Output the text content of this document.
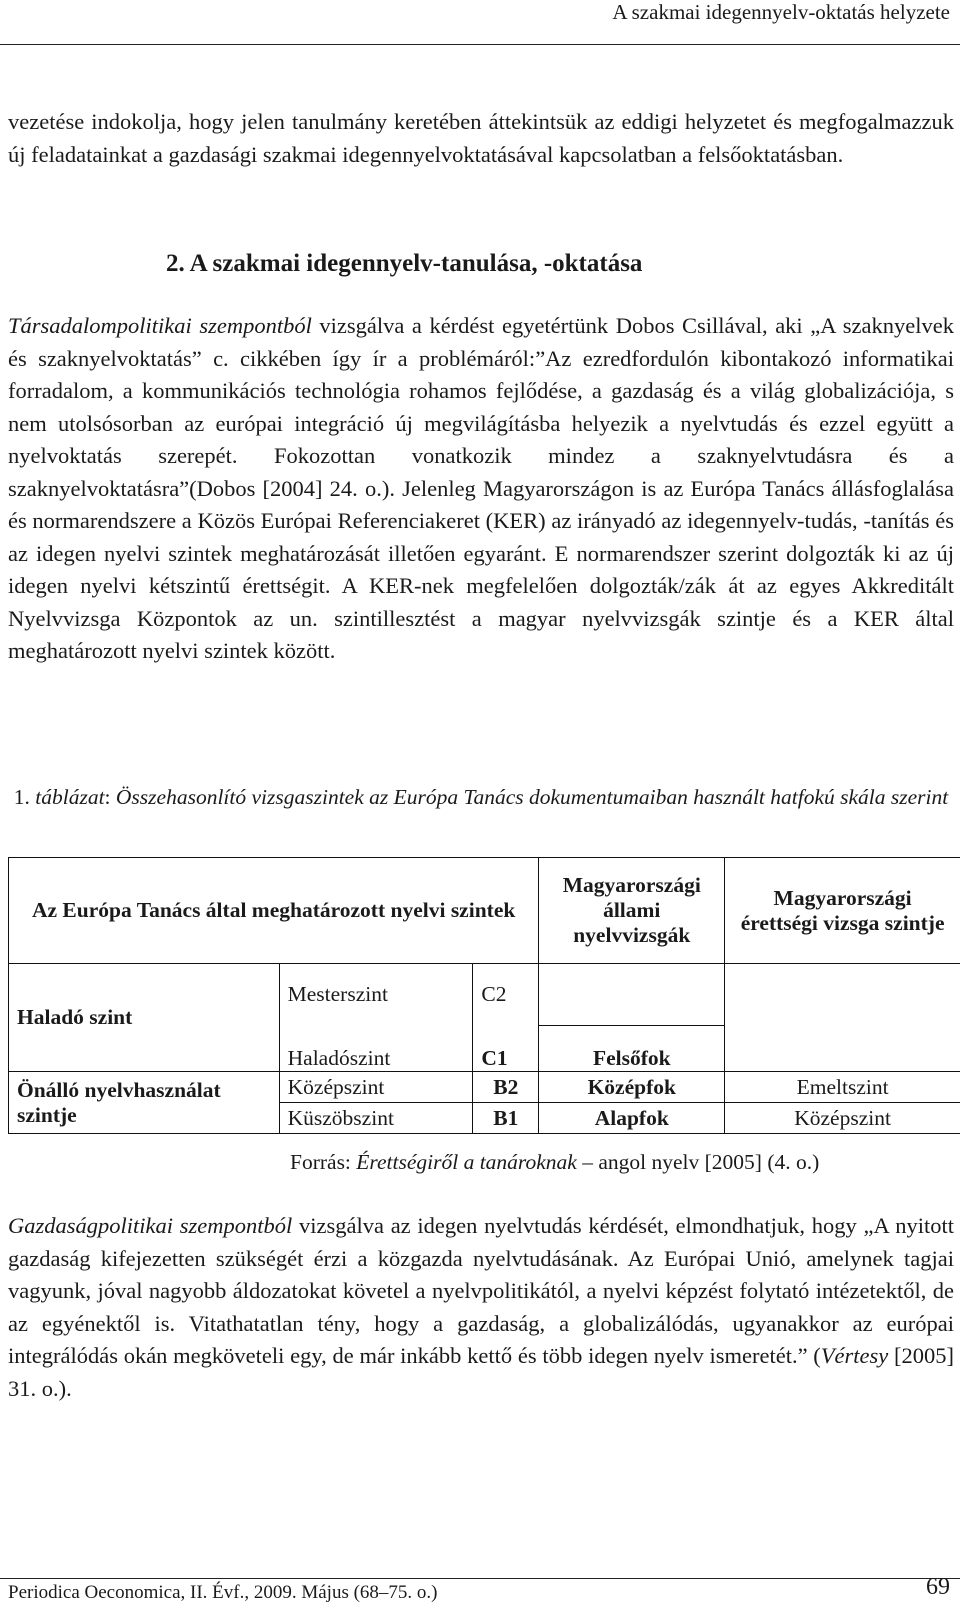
A szakmai idegennyelv-oktatás helyzete
vezetése indokolja, hogy jelen tanulmány keretében áttekintsük az eddigi helyzetet és megfogalmazzuk új feladatainkat a gazdasági szakmai idegennyelvoktatásával kapcsolatban a felsőoktatásban.
2. A szakmai idegennyelv-tanulása, -oktatása
Társadalompolitikai szempontból vizsgálva a kérdést egyetértünk Dobos Csillával, aki „A szaknyelvek és szaknyelvoktatás” c. cikkében így ír a problémáról:”Az ezredfordulón kibontakozó informatikai forradalom, a kommunikációs technológia rohamos fejlődése, a gazdaság és a világ globalizációja, s nem utolsósorban az európai integráció új megvilágításba helyezik a nyelvtudás és ezzel együtt a nyelvoktatás szerepét. Fokozottan vonatkozik mindez a szaknyelvtudásra és a szaknyelvoktatásra”(Dobos [2004] 24. o.). Jelenleg Magyarországon is az Európa Tanács állásfoglalása és normarendszere a Közös Európai Referenciakeret (KER) az irányadó az idegennyelv-tudás, -tanítás és az idegen nyelvi szintek meghatározását illetően egyaránt. E normarendszer szerint dolgozták ki az új idegen nyelvi kétszintű érettségit. A KER-nek megfelelően dolgozták/zák át az egyes Akkreditált Nyelvvizsga Központok az un. szintillesztést a magyar nyelvvizsgák szintje és a KER által meghatározott nyelvi szintek között.
1. táblázat: Összehasonlító vizsgaszintek az Európa Tanács dokumentumaiban használt hatfokú skála szerint
Az Európa Tanács által meghatározott nyelvi szintek			Magyarországi állami nyelvvizsgák	Magyarországi érettségi vizsga szintje
Haladó szint	Mesterszint	C2		
	Haladószint	C1	Felsőfok	
Önálló nyelvhasználat szintje	Középszint	B2	Középfok	Emeltszint
	Küszöbszint	B1	Alapfok	Középszint
Forrás: Érettségiről a tanároknak – angol nyelv [2005] (4. o.)
Gazdaságpolitikai szempontból vizsgálva az idegen nyelvtudás kérdését, elmondhatjuk, hogy „A nyitott gazdaság kifejezetten szükségét érzi a közgazda nyelvtudásának. Az Európai Unió, amelynek tagjai vagyunk, jóval nagyobb áldozatokat követel a nyelvpolitikától, a nyelvi képzést folytató intézetektől, de az egyénektől is. Vitathatatlan tény, hogy a gazdaság, a globalizálódás, ugyanakkor az európai integrálódás okán megköveteli egy, de már inkább kettő és több idegen nyelv ismeretét.” (Vértesy [2005] 31. o.).
Periodica Oeconomica, II. Évf., 2009. Május (68–75. o.)	69
